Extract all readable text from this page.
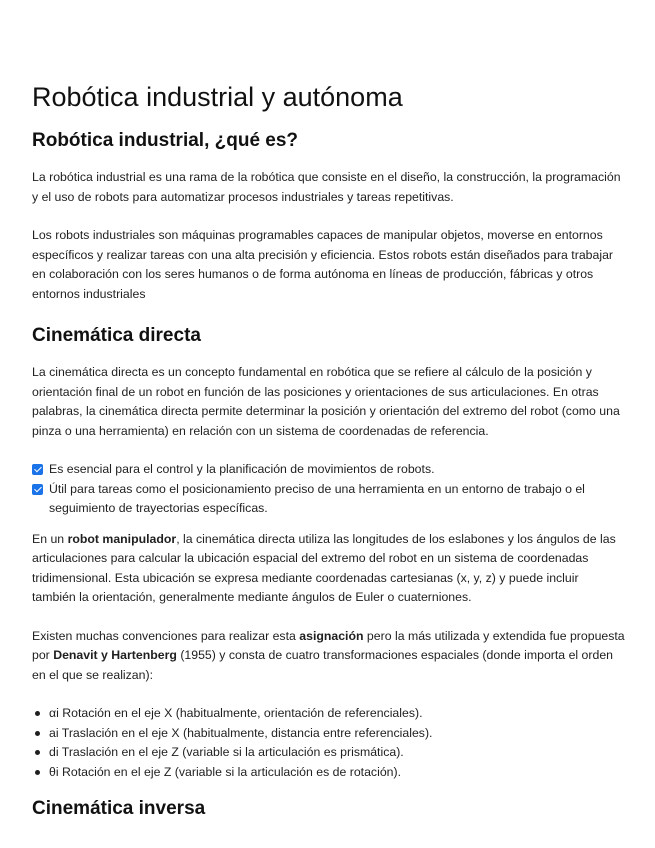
Robótica industrial y autónoma
Robótica industrial, ¿qué es?

La robótica industrial es una rama de la robótica que consiste en el diseño, la construcción, la programación y el uso de robots para automatizar procesos industriales y tareas repetitivas.

Los robots industriales son máquinas programables capaces de manipular objetos, moverse en entornos específicos y realizar tareas con una alta precisión y eficiencia. Estos robots están diseñados para trabajar en colaboración con los seres humanos o de forma autónoma en líneas de producción, fábricas y otros entornos industriales

Cinemática directa

La cinemática directa es un concepto fundamental en robótica que se refiere al cálculo de la posición y orientación final de un robot en función de las posiciones y orientaciones de sus articulaciones. En otras palabras, la cinemática directa permite determinar la posición y orientación del extremo del robot (como una pinza o una herramienta) en relación con un sistema de coordenadas de referencia.

Es esencial para el control y la planificación de movimientos de robots.
Útil para tareas como el posicionamiento preciso de una herramienta en un entorno de trabajo o el seguimiento de trayectorias específicas.

En un robot manipulador, la cinemática directa utiliza las longitudes de los eslabones y los ángulos de las articulaciones para calcular la ubicación espacial del extremo del robot en un sistema de coordenadas tridimensional. Esta ubicación se expresa mediante coordenadas cartesianas (x, y, z) y puede incluir también la orientación, generalmente mediante ángulos de Euler o cuaterniones.

Existen muchas convenciones para realizar esta asignación pero la más utilizada y extendida fue propuesta por Denavit y Hartenberg (1955) y consta de cuatro transformaciones espaciales (donde importa el orden en el que se realizan):

αi Rotación en el eje X (habitualmente, orientación de referenciales).
ai Traslación en el eje X (habitualmente, distancia entre referenciales).
di Traslación en el eje Z (variable si la articulación es prismática).
θi Rotación en el eje Z (variable si la articulación es de rotación).
Cinemática inversa
